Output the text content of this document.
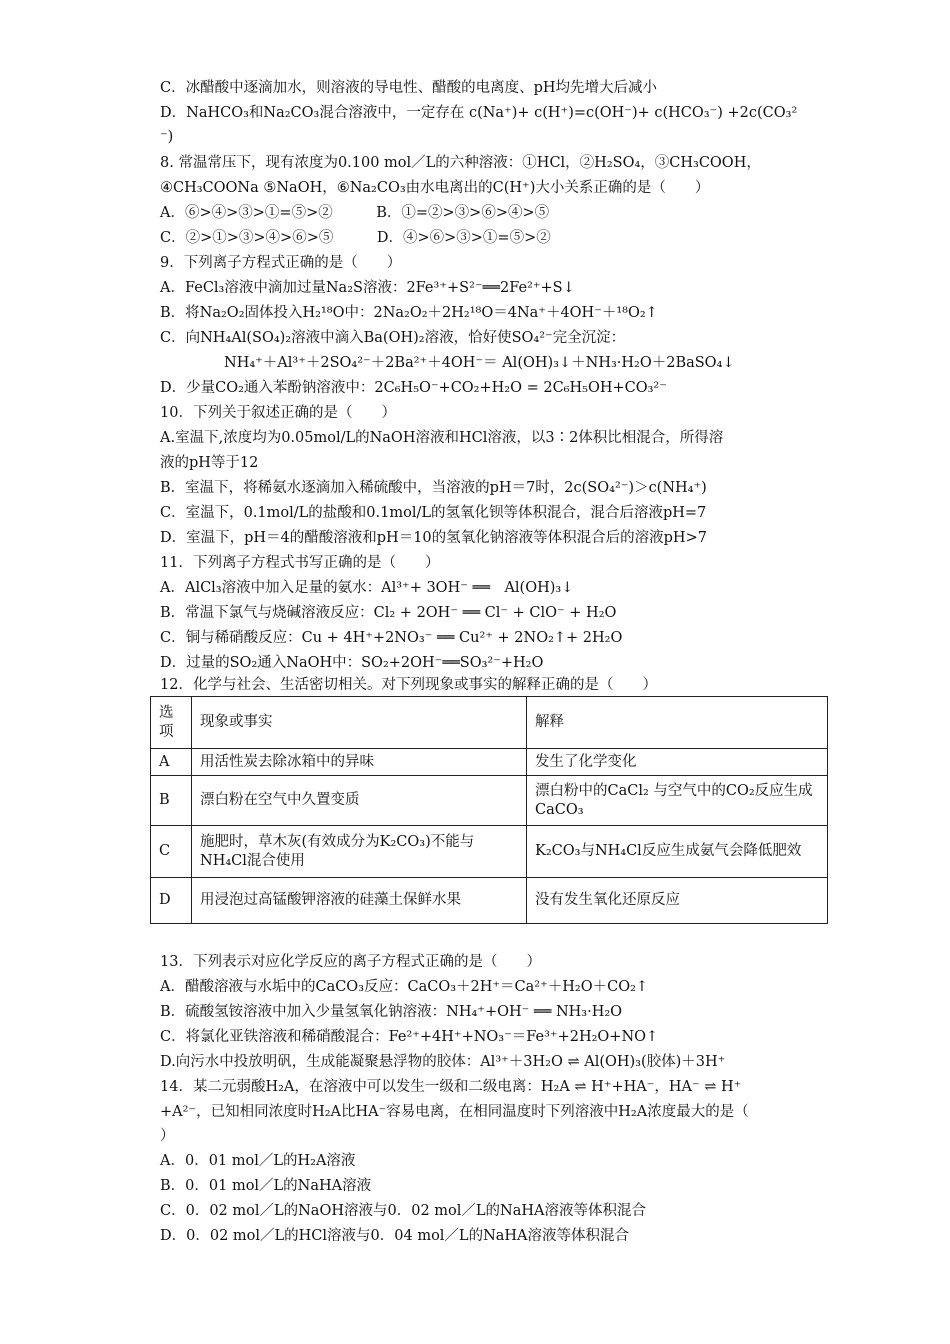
C．冰醋酸中逐滴加水，则溶液的导电性、醋酸的电离度、pH均先增大后减小
D．NaHCO₃和Na₂CO₃混合溶液中，一定存在 c(Na⁺)+ c(H⁺)=c(OH⁻)+ c(HCO₃⁻) +2c(CO₃²
⁻)
8. 常温常压下，现有浓度为0.100 mol／L的六种溶液：①HCl，②H₂SO₄，③CH₃COOH，
④CH₃COONa ⑤NaOH，⑥Na₂CO₃由水电离出的C(H⁺)大小关系正确的是（　　）
A．⑥>④>③>①=⑤>②　　　B．①=②>③>⑥>④>⑤
C．②>①>③>④>⑥>⑤　　　D．④>⑥>③>①=⑤>②
9．下列离子方程式正确的是（　　）
A．FeCl₃溶液中滴加过量Na₂S溶液：2Fe³⁺+S²⁻══2Fe²⁺+S↓
B．将Na₂O₂固体投入H₂¹⁸O中：2Na₂O₂＋2H₂¹⁸O＝4Na⁺＋4OH⁻＋¹⁸O₂↑
C．向NH₄Al(SO₄)₂溶液中滴入Ba(OH)₂溶液，恰好使SO₄²⁻完全沉淀：
NH₄⁺＋Al³⁺＋2SO₄²⁻＋2Ba²⁺＋4OH⁻＝ Al(OH)₃↓＋NH₃·H₂O＋2BaSO₄↓
D．少量CO₂通入苯酚钠溶液中：2C₆H₅O⁻+CO₂+H₂O = 2C₆H₅OH+CO₃²⁻
10．下列关于叙述正确的是（　　）
A.室温下,浓度均为0.05mol/L的NaOH溶液和HCl溶液，以3∶2体积比相混合，所得溶
液的pH等于12
B．室温下，将稀氨水逐滴加入稀硫酸中，当溶液的pH＝7时，2c(SO₄²⁻)＞c(NH₄⁺)
C．室温下，0.1mol/L的盐酸和0.1mol/L的氢氧化钡等体积混合，混合后溶液pH=7
D．室温下，pH＝4的醋酸溶液和pH＝10的氢氧化钠溶液等体积混合后的溶液pH>7
11．下列离子方程式书写正确的是（　　）
A．AlCl₃溶液中加入足量的氨水：Al³⁺+ 3OH⁻ ══　Al(OH)₃↓
B．常温下氯气与烧碱溶液反应：Cl₂ + 2OH⁻ ══ Cl⁻ + ClO⁻ + H₂O
C．铜与稀硝酸反应：Cu + 4H⁺+2NO₃⁻ ══ Cu²⁺ + 2NO₂↑+ 2H₂O
D．过量的SO₂通入NaOH中：SO₂+2OH⁻══SO₃²⁻+H₂O
12．化学与社会、生活密切相关。对下列现象或事实的解释正确的是（　　）
选项	现象或事实	解释
A	用活性炭去除冰箱中的异味	发生了化学变化
B	漂白粉在空气中久置变质	漂白粉中的CaCl₂ 与空气中的CO₂反应生成CaCO₃
C	施肥时，草木灰(有效成分为K₂CO₃)不能与NH₄Cl混合使用	K₂CO₃与NH₄Cl反应生成氨气会降低肥效
D	用浸泡过高锰酸钾溶液的硅藻土保鲜水果	没有发生氧化还原反应
13．下列表示对应化学反应的离子方程式正确的是（　　）
A．醋酸溶液与水垢中的CaCO₃反应：CaCO₃＋2H⁺＝Ca²⁺＋H₂O＋CO₂↑
B．硫酸氢铵溶液中加入少量氢氧化钠溶液：NH₄⁺+OH⁻ ══ NH₃·H₂O
C．将氯化亚铁溶液和稀硝酸混合：Fe²⁺+4H⁺+NO₃⁻＝Fe³⁺+2H₂O+NO↑
D.向污水中投放明矾，生成能凝聚悬浮物的胶体：Al³⁺＋3H₂O ⇌ Al(OH)₃(胶体)＋3H⁺
14．某二元弱酸H₂A，在溶液中可以发生一级和二级电离：H₂A ⇌ H⁺+HA⁻，HA⁻ ⇌ H⁺
+A²⁻，已知相同浓度时H₂A比HA⁻容易电离，在相同温度时下列溶液中H₂A浓度最大的是（
）
A．0．01 mol／L的H₂A溶液
B．0．01 mol／L的NaHA溶液
C．0．02 mol／L的NaOH溶液与0．02 mol／L的NaHA溶液等体积混合
D．0．02 mol／L的HCl溶液与0．04 mol／L的NaHA溶液等体积混合
